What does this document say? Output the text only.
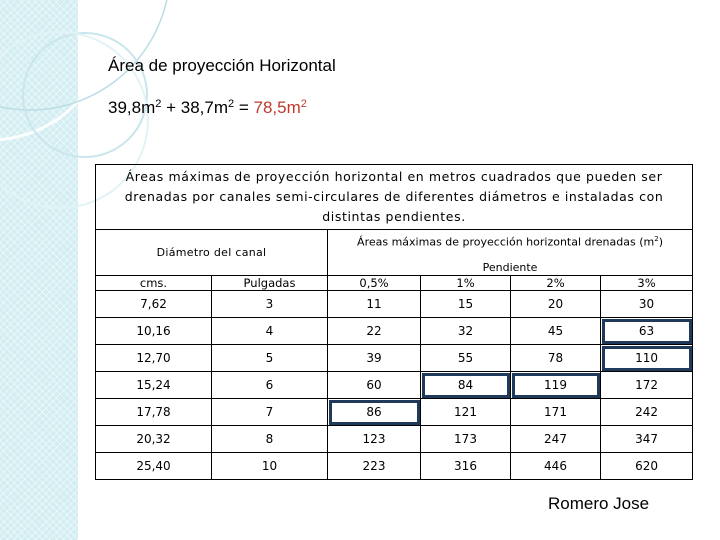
Área de proyección Horizontal
$39,8m^2 + 38,7m^2 = 78,5m^2$
Áreas máximas de proyección horizontal en metros cuadrados que pueden ser drenadas por canales semi-circulares de diferentes diámetros e instaladas con distintas pendientes.					
Diámetro del canal		Áreas máximas de proyección horizontal drenadas $(m^2)$			
		Pendiente			
cms.	Pulgadas	0,5%	1%	2%	3%
7,62	3	11	15	20	30
10,16	4	22	32	45	63
12,70	5	39	55	78	110
15,24	6	60	84	119	172
17,78	7	86	121	171	242
20,32	8	123	173	247	347
25,40	10	223	316	446	620
Romero Jose
